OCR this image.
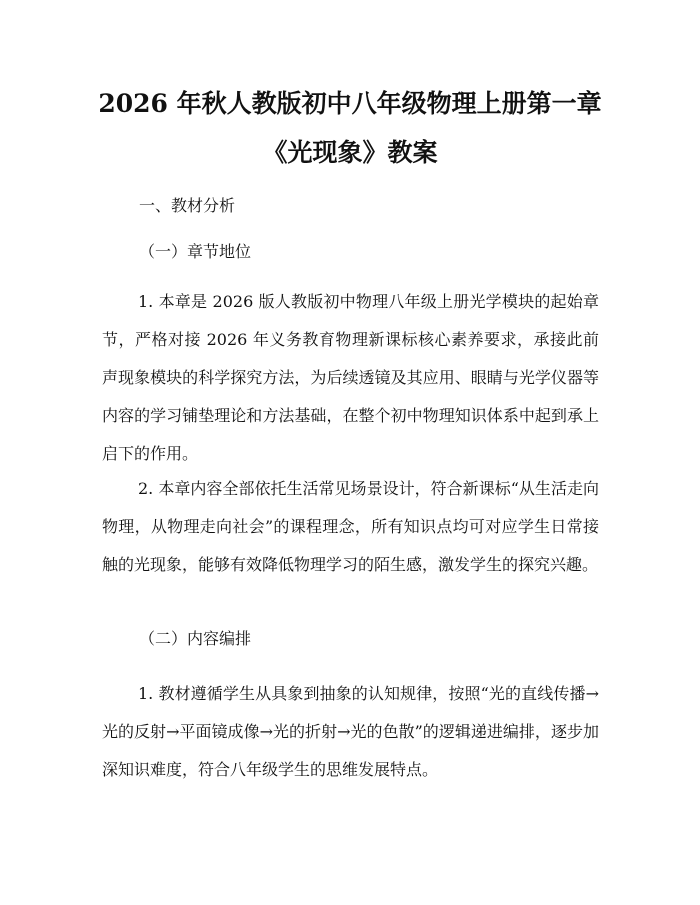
2026 年秋人教版初中八年级物理上册第一章
《光现象》教案
一、教材分析
（一）章节地位

1. 本章是 2026 版人教版初中物理八年级上册光学模块的起始章节，严格对接 2026 年义务教育物理新课标核心素养要求，承接此前声现象模块的科学探究方法，为后续透镜及其应用、眼睛与光学仪器等内容的学习铺垫理论和方法基础，在整个初中物理知识体系中起到承上启下的作用。

2. 本章内容全部依托生活常见场景设计，符合新课标“从生活走向物理，从物理走向社会”的课程理念，所有知识点均可对应学生日常接触的光现象，能够有效降低物理学习的陌生感，激发学生的探究兴趣。

（二）内容编排

1. 教材遵循学生从具象到抽象的认知规律，按照“光的直线传播→光的反射→平面镜成像→光的折射→光的色散”的逻辑递进编排，逐步加深知识难度，符合八年级学生的思维发展特点。
